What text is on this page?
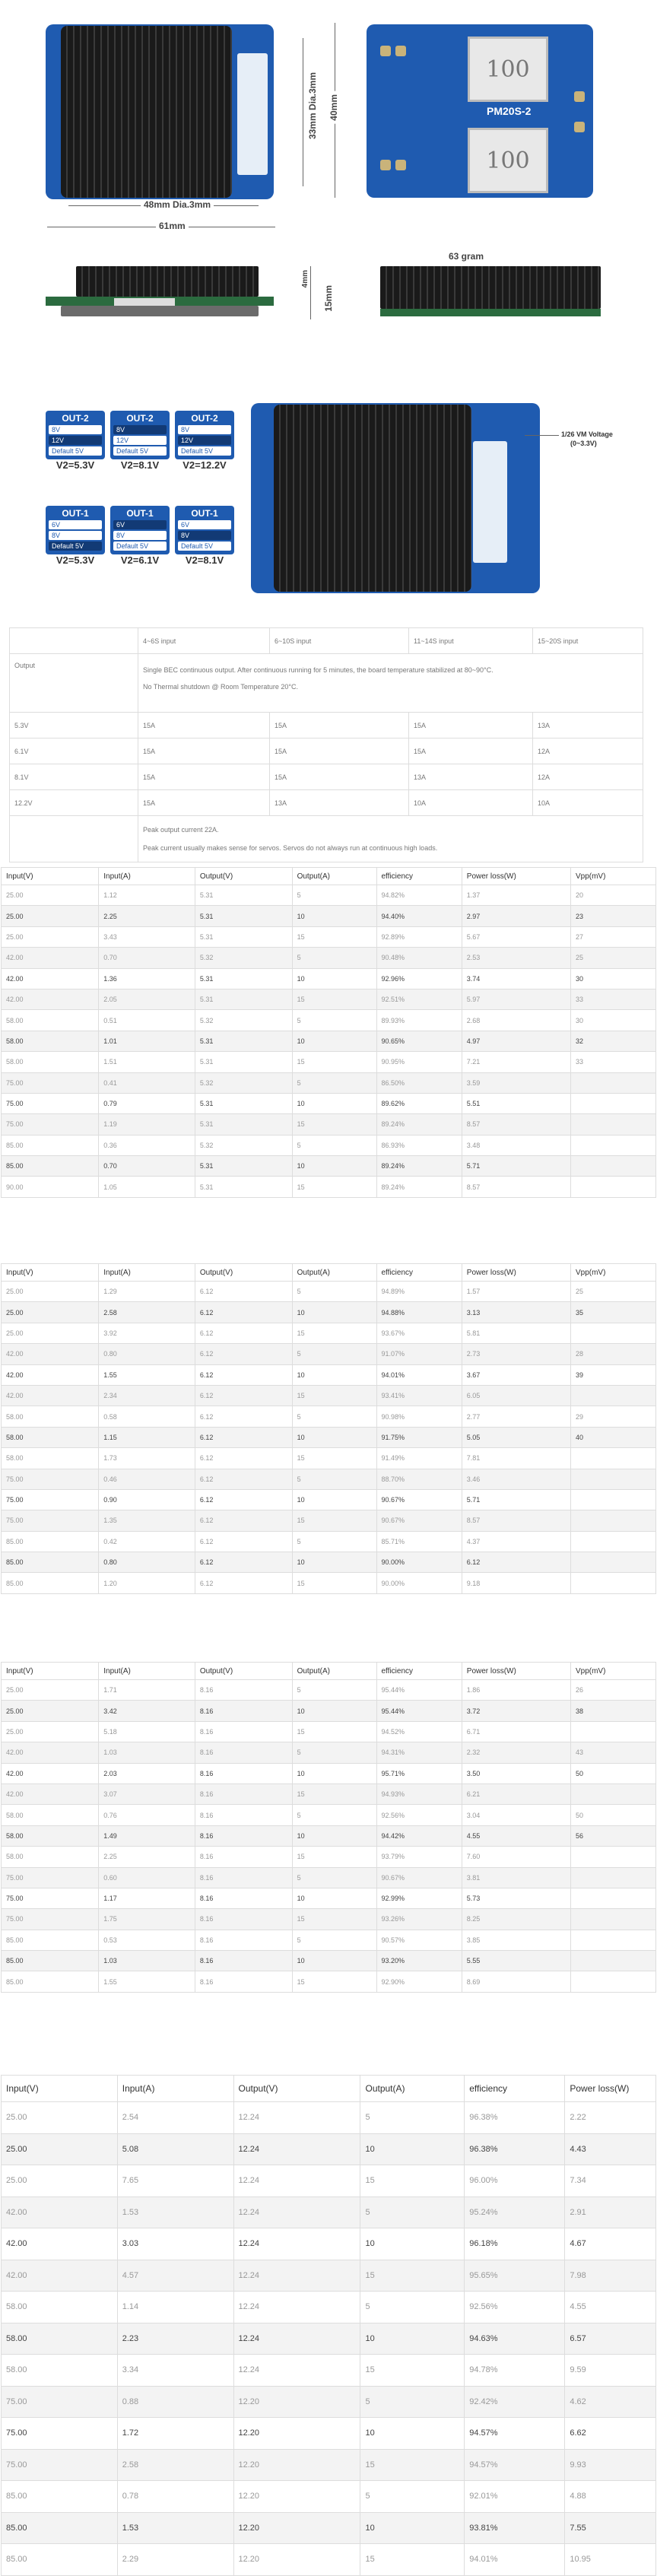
48mm Dia.3mm
61mm
33mm Dia.3mm 40mm
100
100
PM20S-2
4mm
15mm
63 gram
OUT-2
8V
12V
Default 5V
V2=5.3V
OUT-2
8V
12V
Default 5V
V2=8.1V
OUT-2
8V
12V
Default 5V
V2=12.2V
OUT-1
6V
8V
Default 5V
V2=5.3V
OUT-1
6V
8V
Default 5V
V2=6.1V
OUT-1
6V
8V
Default 5V
V2=8.1V
1/26 VM Voltage
(0~3.3V)
	4~6S input	6~10S input	11~14S input	15~20S input
Output	Single BEC continuous output. After continuous running for 5 minutes, the board temperature stabilized at 80~90°C.
No Thermal shutdown @ Room Temperature 20°C.			

5.3V	15A	15A	15A	13A
6.1V	15A	15A	15A	12A
8.1V	15A	15A	13A	12A
12.2V	15A	13A	10A	10A

	Peak output current 22A.
Peak current usually makes sense for servos. Servos do not always run at continuous high loads.			
Input(V)	Input(A)	Output(V)	Output(A)	efficiency	Power loss(W)	Vpp(mV)
25.00	1.12	5.31	5	94.82%	1.37	20
25.00	2.25	5.31	10	94.40%	2.97	23
25.00	3.43	5.31	15	92.89%	5.67	27
42.00	0.70	5.32	5	90.48%	2.53	25
42.00	1.36	5.31	10	92.96%	3.74	30
42.00	2.05	5.31	15	92.51%	5.97	33
58.00	0.51	5.32	5	89.93%	2.68	30
58.00	1.01	5.31	10	90.65%	4.97	32
58.00	1.51	5.31	15	90.95%	7.21	33
75.00	0.41	5.32	5	86.50%	3.59	
75.00	0.79	5.31	10	89.62%	5.51	
75.00	1.19	5.31	15	89.24%	8.57	
85.00	0.36	5.32	5	86.93%	3.48	
85.00	0.70	5.31	10	89.24%	5.71	
90.00	1.05	5.31	15	89.24%	8.57	
Input(V)	Input(A)	Output(V)	Output(A)	efficiency	Power loss(W)	Vpp(mV)
25.00	1.29	6.12	5	94.89%	1.57	25
25.00	2.58	6.12	10	94.88%	3.13	35
25.00	3.92	6.12	15	93.67%	5.81	
42.00	0.80	6.12	5	91.07%	2.73	28
42.00	1.55	6.12	10	94.01%	3.67	39
42.00	2.34	6.12	15	93.41%	6.05	
58.00	0.58	6.12	5	90.98%	2.77	29
58.00	1.15	6.12	10	91.75%	5.05	40
58.00	1.73	6.12	15	91.49%	7.81	
75.00	0.46	6.12	5	88.70%	3.46	
75.00	0.90	6.12	10	90.67%	5.71	
75.00	1.35	6.12	15	90.67%	8.57	
85.00	0.42	6.12	5	85.71%	4.37	
85.00	0.80	6.12	10	90.00%	6.12	
85.00	1.20	6.12	15	90.00%	9.18	
Input(V)	Input(A)	Output(V)	Output(A)	efficiency	Power loss(W)	Vpp(mV)
25.00	1.71	8.16	5	95.44%	1.86	26
25.00	3.42	8.16	10	95.44%	3.72	38
25.00	5.18	8.16	15	94.52%	6.71	
42.00	1.03	8.16	5	94.31%	2.32	43
42.00	2.03	8.16	10	95.71%	3.50	50
42.00	3.07	8.16	15	94.93%	6.21	
58.00	0.76	8.16	5	92.56%	3.04	50
58.00	1.49	8.16	10	94.42%	4.55	56
58.00	2.25	8.16	15	93.79%	7.60	
75.00	0.60	8.16	5	90.67%	3.81	
75.00	1.17	8.16	10	92.99%	5.73	
75.00	1.75	8.16	15	93.26%	8.25	
85.00	0.53	8.16	5	90.57%	3.85	
85.00	1.03	8.16	10	93.20%	5.55	
85.00	1.55	8.16	15	92.90%	8.69	
Input(V)	Input(A)	Output(V)	Output(A)	efficiency	Power loss(W)
25.00	2.54	12.24	5	96.38%	2.22
25.00	5.08	12.24	10	96.38%	4.43
25.00	7.65	12.24	15	96.00%	7.34
42.00	1.53	12.24	5	95.24%	2.91
42.00	3.03	12.24	10	96.18%	4.67
42.00	4.57	12.24	15	95.65%	7.98
58.00	1.14	12.24	5	92.56%	4.55
58.00	2.23	12.24	10	94.63%	6.57
58.00	3.34	12.24	15	94.78%	9.59
75.00	0.88	12.20	5	92.42%	4.62
75.00	1.72	12.20	10	94.57%	6.62
75.00	2.58	12.20	15	94.57%	9.93
85.00	0.78	12.20	5	92.01%	4.88
85.00	1.53	12.20	10	93.81%	7.55
85.00	2.29	12.20	15	94.01%	10.95
